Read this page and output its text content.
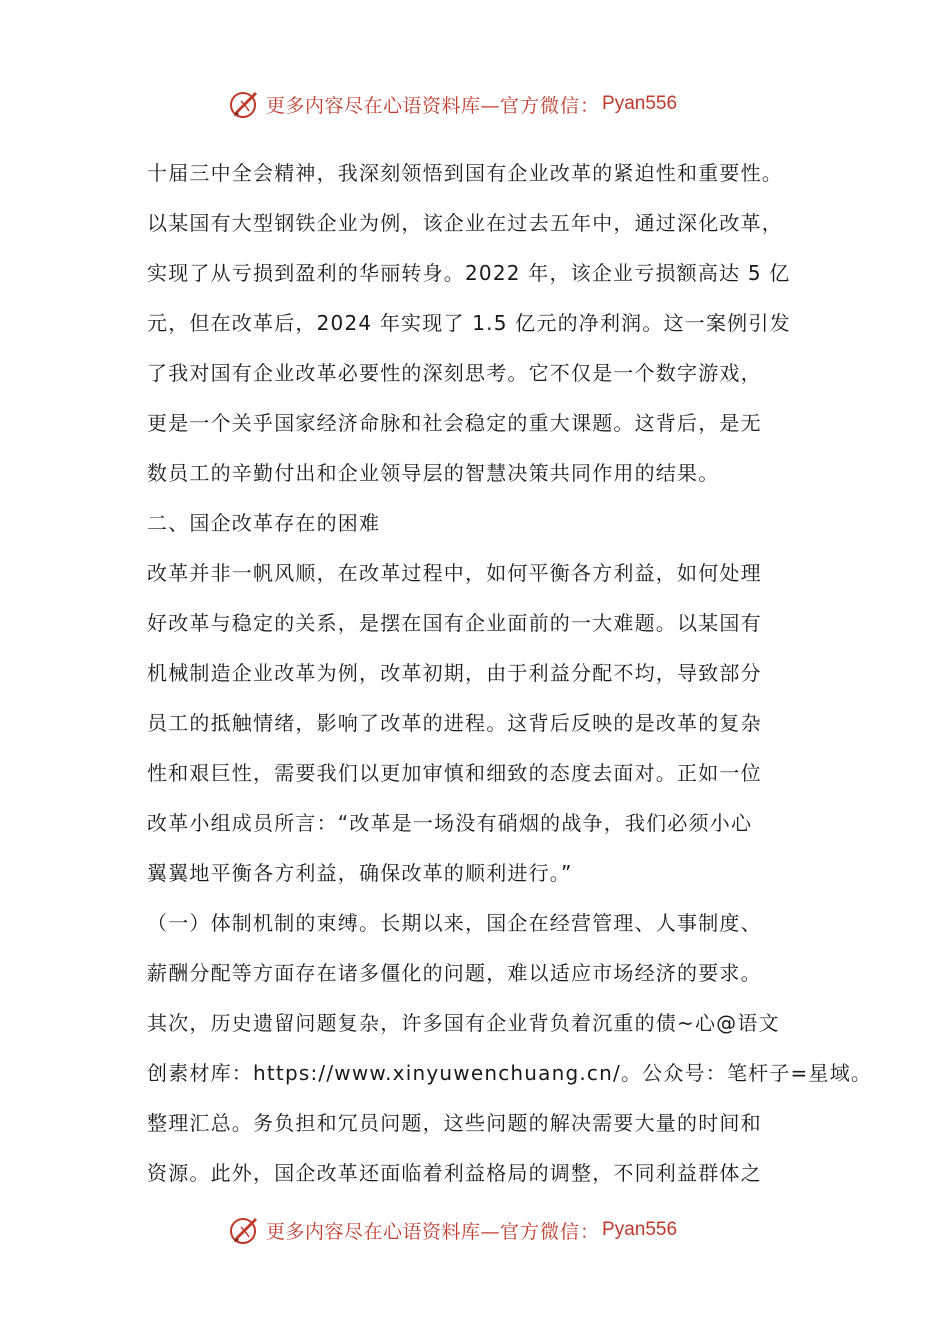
更多内容尽在心语资料库— 官方微信： Pyan556
十届三中全会精神，我深刻领悟到国有企业改革的紧迫性和重要性。
以某国有大型钢铁企业为例，该企业在过去五年中，通过深化改革，
实现了从亏损到盈利的华丽转身。2022 年，该企业亏损额高达 5 亿
元，但在改革后，2024 年实现了 1.5 亿元的净利润。这一案例引发
了我对国有企业改革必要性的深刻思考。它不仅是一个数字游戏，
更是一个关乎国家经济命脉和社会稳定的重大课题。这背后，是无
数员工的辛勤付出和企业领导层的智慧决策共同作用的结果。
二、国企改革存在的困难
改革并非一帆风顺，在改革过程中，如何平衡各方利益，如何处理
好改革与稳定的关系，是摆在国有企业面前的一大难题。以某国有
机械制造企业改革为例，改革初期，由于利益分配不均，导致部分
员工的抵触情绪，影响了改革的进程。这背后反映的是改革的复杂
性和艰巨性，需要我们以更加审慎和细致的态度去面对。正如一位
改革小组成员所言：“改革是一场没有硝烟的战争，我们必须小心
翼翼地平衡各方利益，确保改革的顺利进行。”
（一）体制机制的束缚。长期以来，国企在经营管理、人事制度、
薪酬分配等方面存在诸多僵化的问题，难以适应市场经济的要求。
其次，历史遗留问题复杂，许多国有企业背负着沉重的债~心@语文
创素材库：https://www.xinyuwenchuang.cn/。公众号：笔杆子=星域。
整理汇总。务负担和冗员问题，这些问题的解决需要大量的时间和
资源。此外，国企改革还面临着利益格局的调整，不同利益群体之
更多内容尽在心语资料库— 官方微信： Pyan556
